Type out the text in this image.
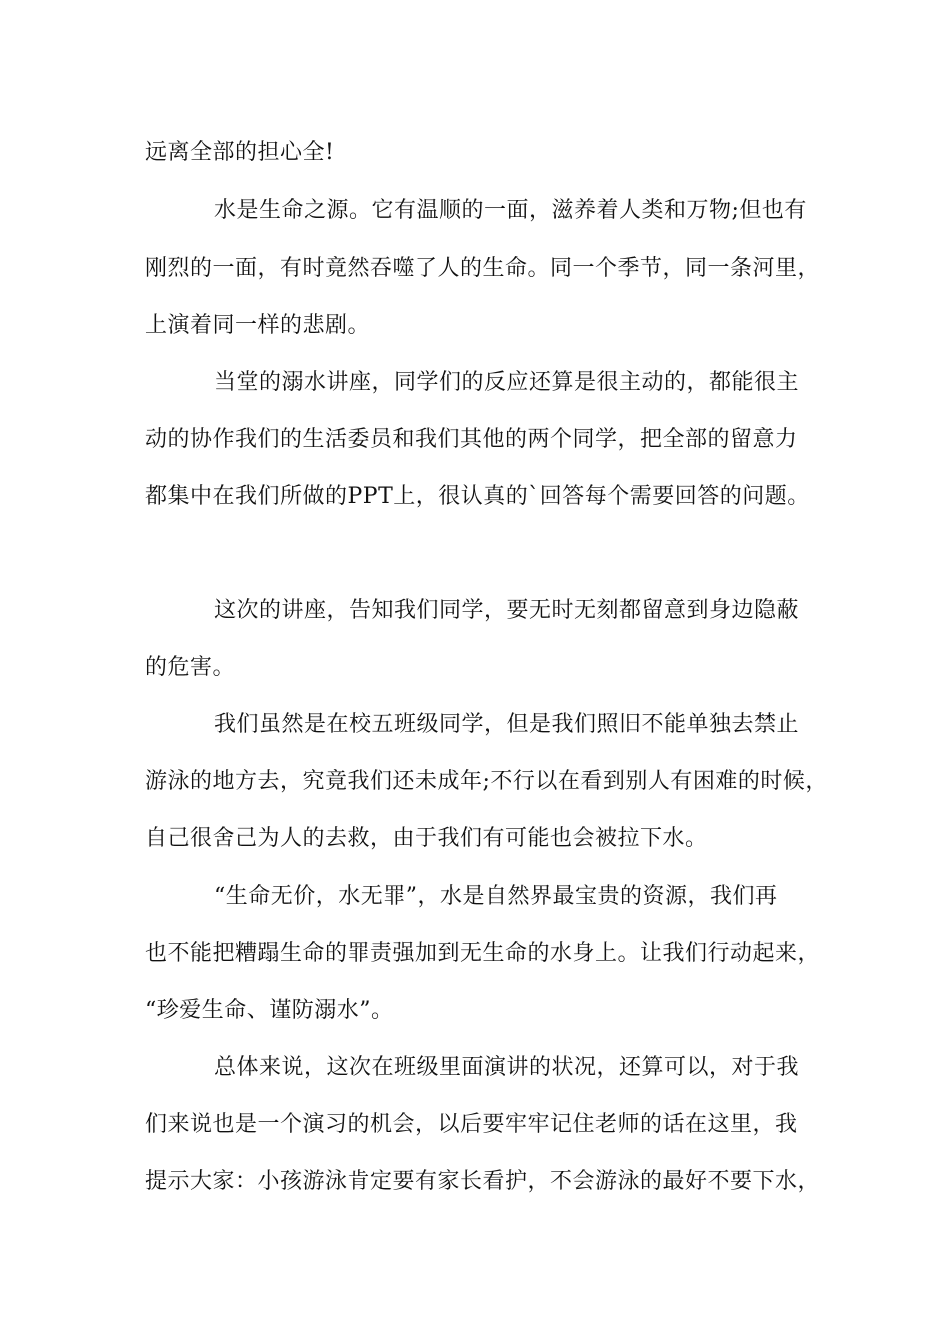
远离全部的担心全!
水是生命之源。它有温顺的一面，滋养着人类和万物;但也有
刚烈的一面，有时竟然吞噬了人的生命。同一个季节，同一条河里，
上演着同一样的悲剧。
当堂的溺水讲座，同学们的反应还算是很主动的，都能很主
动的协作我们的生活委员和我们其他的两个同学，把全部的留意力
都集中在我们所做的PPT上，很认真的`回答每个需要回答的问题。
这次的讲座，告知我们同学，要无时无刻都留意到身边隐蔽
的危害。
我们虽然是在校五班级同学，但是我们照旧不能单独去禁止
游泳的地方去，究竟我们还未成年;不行以在看到别人有困难的时候，
自己很舍己为人的去救，由于我们有可能也会被拉下水。
“生命无价，水无罪”，水是自然界最宝贵的资源，我们再
也不能把糟蹋生命的罪责强加到无生命的水身上。让我们行动起来，
“珍爱生命、谨防溺水”。
总体来说，这次在班级里面演讲的状况，还算可以，对于我
们来说也是一个演习的机会，以后要牢牢记住老师的话在这里，我
提示大家：小孩游泳肯定要有家长看护，不会游泳的最好不要下水，
